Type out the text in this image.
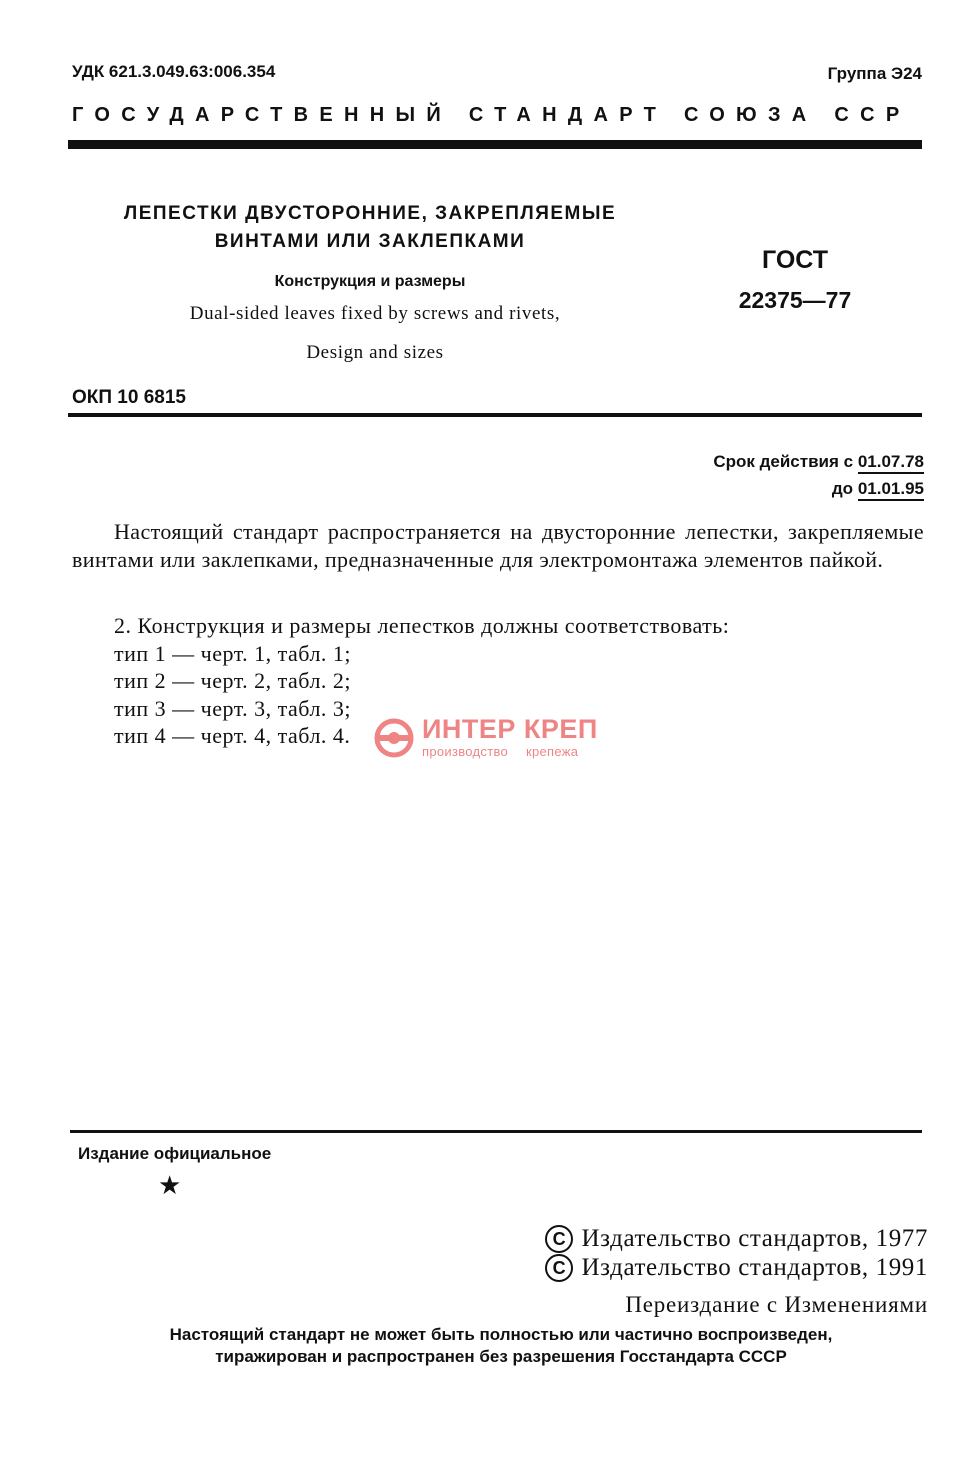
УДК 621.3.049.63:006.354	Группа Э24
ГОСУДАРСТВЕННЫЙ СТАНДАРТ СОЮЗА ССР
ЛЕПЕСТКИ ДВУСТОРОННИЕ, ЗАКРЕПЛЯЕМЫЕ
ВИНТАМИ ИЛИ ЗАКЛЕПКАМИ
Конструкция и размеры
Dual-sided leaves fixed by screws and rivets,
Design and sizes
ГОСТ
22375—77
ОКП 10 6815
Срок действия с 01.07.78
до 01.01.95
Настоящий стандарт распространяется на двусторонние лепестки, закрепляемые винтами или заклепками, предназначенные для электромонтажа элементов пайкой.
2. Конструкция и размеры лепестков должны соответствовать:
тип 1 — черт. 1, табл. 1;
тип 2 — черт. 2, табл. 2;
тип 3 — черт. 3, табл. 3;
тип 4 — черт. 4, табл. 4.	ИНТЕР КРЕП
производство крепежа
Издание официальное
★
С Издательство стандартов, 1977
С Издательство стандартов, 1991
Переиздание с Изменениями
Настоящий стандарт не может быть полностью или частично воспроизведен,
тиражирован и распространен без разрешения Госстандарта СССР
